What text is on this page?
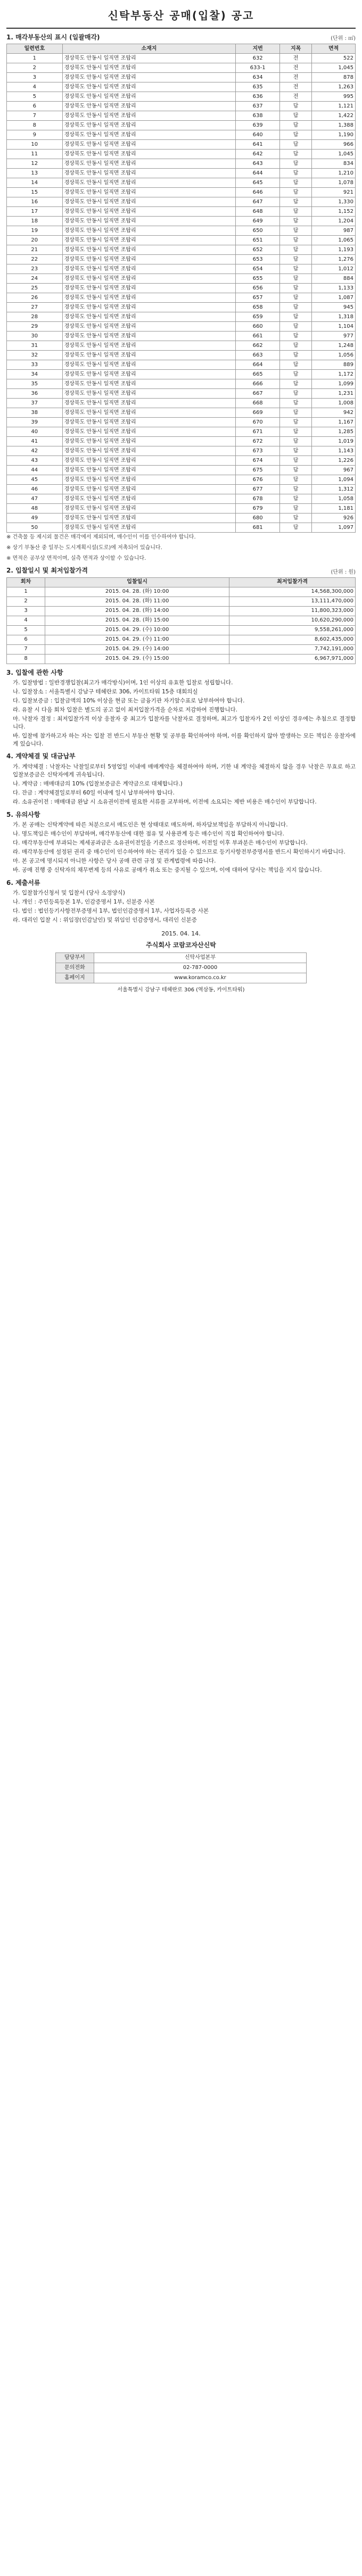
신탁부동산 공매(입찰) 공고
1. 매각부동산의 표시 (일괄매각)	(단위 : ㎡)
일련번호	소재지	지번	지목	면적
1	경상북도 안동시 일직면 조탑리	632	전	522
2	경상북도 안동시 일직면 조탑리	633-1	전	1,045
3	경상북도 안동시 일직면 조탑리	634	전	878
4	경상북도 안동시 일직면 조탑리	635	전	1,263
5	경상북도 안동시 일직면 조탑리	636	전	995
6	경상북도 안동시 일직면 조탑리	637	답	1,121
7	경상북도 안동시 일직면 조탑리	638	답	1,422
8	경상북도 안동시 일직면 조탑리	639	답	1,388
9	경상북도 안동시 일직면 조탑리	640	답	1,190
10	경상북도 안동시 일직면 조탑리	641	답	966
11	경상북도 안동시 일직면 조탑리	642	답	1,045
12	경상북도 안동시 일직면 조탑리	643	답	834
13	경상북도 안동시 일직면 조탑리	644	답	1,210
14	경상북도 안동시 일직면 조탑리	645	답	1,078
15	경상북도 안동시 일직면 조탑리	646	답	921
16	경상북도 안동시 일직면 조탑리	647	답	1,330
17	경상북도 안동시 일직면 조탑리	648	답	1,152
18	경상북도 안동시 일직면 조탑리	649	답	1,204
19	경상북도 안동시 일직면 조탑리	650	답	987
20	경상북도 안동시 일직면 조탑리	651	답	1,065
21	경상북도 안동시 일직면 조탑리	652	답	1,193
22	경상북도 안동시 일직면 조탑리	653	답	1,276
23	경상북도 안동시 일직면 조탑리	654	답	1,012
24	경상북도 안동시 일직면 조탑리	655	답	884
25	경상북도 안동시 일직면 조탑리	656	답	1,133
26	경상북도 안동시 일직면 조탑리	657	답	1,087
27	경상북도 안동시 일직면 조탑리	658	답	945
28	경상북도 안동시 일직면 조탑리	659	답	1,318
29	경상북도 안동시 일직면 조탑리	660	답	1,104
30	경상북도 안동시 일직면 조탑리	661	답	977
31	경상북도 안동시 일직면 조탑리	662	답	1,248
32	경상북도 안동시 일직면 조탑리	663	답	1,056
33	경상북도 안동시 일직면 조탑리	664	답	889
34	경상북도 안동시 일직면 조탑리	665	답	1,172
35	경상북도 안동시 일직면 조탑리	666	답	1,099
36	경상북도 안동시 일직면 조탑리	667	답	1,231
37	경상북도 안동시 일직면 조탑리	668	답	1,008
38	경상북도 안동시 일직면 조탑리	669	답	942
39	경상북도 안동시 일직면 조탑리	670	답	1,167
40	경상북도 안동시 일직면 조탑리	671	답	1,285
41	경상북도 안동시 일직면 조탑리	672	답	1,019
42	경상북도 안동시 일직면 조탑리	673	답	1,143
43	경상북도 안동시 일직면 조탑리	674	답	1,226
44	경상북도 안동시 일직면 조탑리	675	답	967
45	경상북도 안동시 일직면 조탑리	676	답	1,094
46	경상북도 안동시 일직면 조탑리	677	답	1,312
47	경상북도 안동시 일직면 조탑리	678	답	1,058
48	경상북도 안동시 일직면 조탑리	679	답	1,181
49	경상북도 안동시 일직면 조탑리	680	답	926
50	경상북도 안동시 일직면 조탑리	681	답	1,097
※ 건축물 등 제시외 물건은 매각에서 제외되며, 매수인이 이를 인수하여야 합니다.
※ 상기 부동산 중 일부는 도시계획시설(도로)에 저촉되어 있습니다.
※ 면적은 공부상 면적이며, 실측 면적과 상이할 수 있습니다.
2. 입찰일시 및 최저입찰가격	(단위 : 원)
회차	입찰일시	최저입찰가격
1	2015. 04. 28. (화) 10:00	14,568,300,000
2	2015. 04. 28. (화) 11:00	13,111,470,000
3	2015. 04. 28. (화) 14:00	11,800,323,000
4	2015. 04. 28. (화) 15:00	10,620,290,000
5	2015. 04. 29. (수) 10:00	9,558,261,000
6	2015. 04. 29. (수) 11:00	8,602,435,000
7	2015. 04. 29. (수) 14:00	7,742,191,000
8	2015. 04. 29. (수) 15:00	6,967,971,000
3. 입찰에 관한 사항

가. 입찰방법 : 일반경쟁입찰(최고가 매각방식)이며, 1인 이상의 유효한 입찰로 성립합니다.

나. 입찰장소 : 서울특별시 강남구 테헤란로 306, 카이트타워 15층 대회의실

다. 입찰보증금 : 입찰금액의 10% 이상을 현금 또는 금융기관 자기앞수표로 납부하여야 합니다.

라. 유찰 시 다음 회차 입찰은 별도의 공고 없이 최저입찰가격을 순차로 저감하여 진행합니다.

마. 낙찰자 결정 : 최저입찰가격 이상 응찰자 중 최고가 입찰자를 낙찰자로 결정하며, 최고가 입찰자가 2인 이상인 경우에는 추첨으로 결정합니다.

바. 입찰에 참가하고자 하는 자는 입찰 전 반드시 부동산 현황 및 공부를 확인하여야 하며, 이를 확인하지 않아 발생하는 모든 책임은 응찰자에게 있습니다.

4. 계약체결 및 대금납부

가. 계약체결 : 낙찰자는 낙찰일로부터 5영업일 이내에 매매계약을 체결하여야 하며, 기한 내 계약을 체결하지 않을 경우 낙찰은 무효로 하고 입찰보증금은 신탁자에게 귀속됩니다.

나. 계약금 : 매매대금의 10% (입찰보증금은 계약금으로 대체합니다.)

다. 잔금 : 계약체결일로부터 60일 이내에 일시 납부하여야 합니다.

라. 소유권이전 : 매매대금 완납 시 소유권이전에 필요한 서류를 교부하며, 이전에 소요되는 제반 비용은 매수인이 부담합니다.

5. 유의사항

가. 본 공매는 신탁계약에 따른 처분으로서 매도인은 현 상태대로 매도하며, 하자담보책임을 부담하지 아니합니다.

나. 명도책임은 매수인이 부담하며, 매각부동산에 대한 점유 및 사용관계 등은 매수인이 직접 확인하여야 합니다.

다. 매각부동산에 부과되는 제세공과금은 소유권이전일을 기준으로 정산하며, 이전일 이후 부과분은 매수인이 부담합니다.

라. 매각부동산에 설정된 권리 중 매수인이 인수하여야 하는 권리가 있을 수 있으므로 등기사항전부증명서를 반드시 확인하시기 바랍니다.

마. 본 공고에 명시되지 아니한 사항은 당사 공매 관련 규정 및 관계법령에 따릅니다.

바. 공매 진행 중 신탁자의 채무변제 등의 사유로 공매가 취소 또는 중지될 수 있으며, 이에 대하여 당사는 책임을 지지 않습니다.

6. 제출서류

가. 입찰참가신청서 및 입찰서 (당사 소정양식)

나. 개인 : 주민등록등본 1부, 인감증명서 1부, 신분증 사본

다. 법인 : 법인등기사항전부증명서 1부, 법인인감증명서 1부, 사업자등록증 사본

라. 대리인 입찰 시 : 위임장(인감날인) 및 위임인 인감증명서, 대리인 신분증

2015. 04. 14.
주식회사 코람코자산신탁
담당부서	신탁사업본부
문의전화	02-787-0000
홈페이지	www.koramco.co.kr
서울특별시 강남구 테헤란로 306 (역삼동, 카이트타워)
